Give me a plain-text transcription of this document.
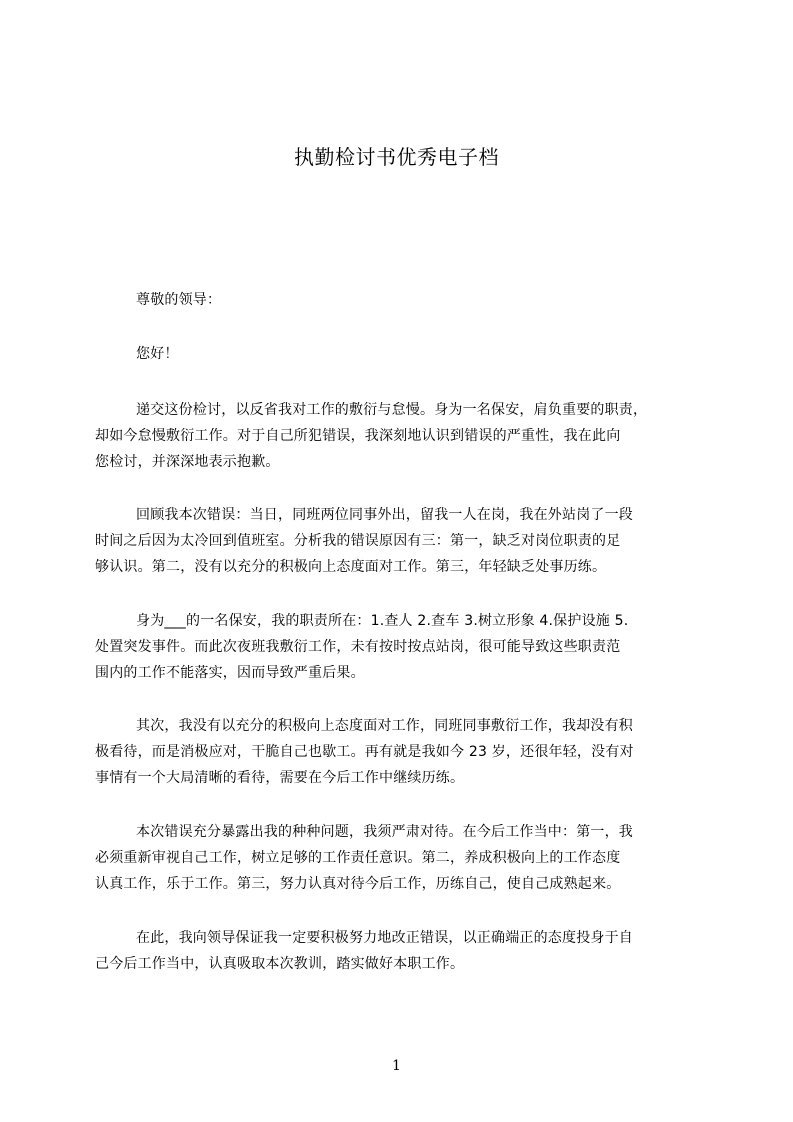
执勤检讨书优秀电子档
尊敬的领导：
您好！
递交这份检讨，以反省我对工作的敷衍与怠慢。身为一名保安，肩负重要的职责，
却如今怠慢敷衍工作。对于自己所犯错误，我深刻地认识到错误的严重性，我在此向
您检讨，并深深地表示抱歉。
回顾我本次错误：当日，同班两位同事外出，留我一人在岗，我在外站岗了一段
时间之后因为太冷回到值班室。分析我的错误原因有三：第一，缺乏对岗位职责的足
够认识。第二，没有以充分的积极向上态度面对工作。第三，年轻缺乏处事历练。
身为___的一名保安，我的职责所在：1.查人 2.查车 3.树立形象 4.保护设施 5.
处置突发事件。而此次夜班我敷衍工作，未有按时按点站岗，很可能导致这些职责范
围内的工作不能落实，因而导致严重后果。
其次，我没有以充分的积极向上态度面对工作，同班同事敷衍工作，我却没有积
极看待，而是消极应对，干脆自己也歇工。再有就是我如今 23 岁，还很年轻，没有对
事情有一个大局清晰的看待，需要在今后工作中继续历练。
本次错误充分暴露出我的种种问题，我须严肃对待。在今后工作当中：第一，我
必须重新审视自己工作，树立足够的工作责任意识。第二，养成积极向上的工作态度
认真工作，乐于工作。第三，努力认真对待今后工作，历练自己，使自己成熟起来。
在此，我向领导保证我一定要积极努力地改正错误，以正确端正的态度投身于自
己今后工作当中，认真吸取本次教训，踏实做好本职工作。
1
